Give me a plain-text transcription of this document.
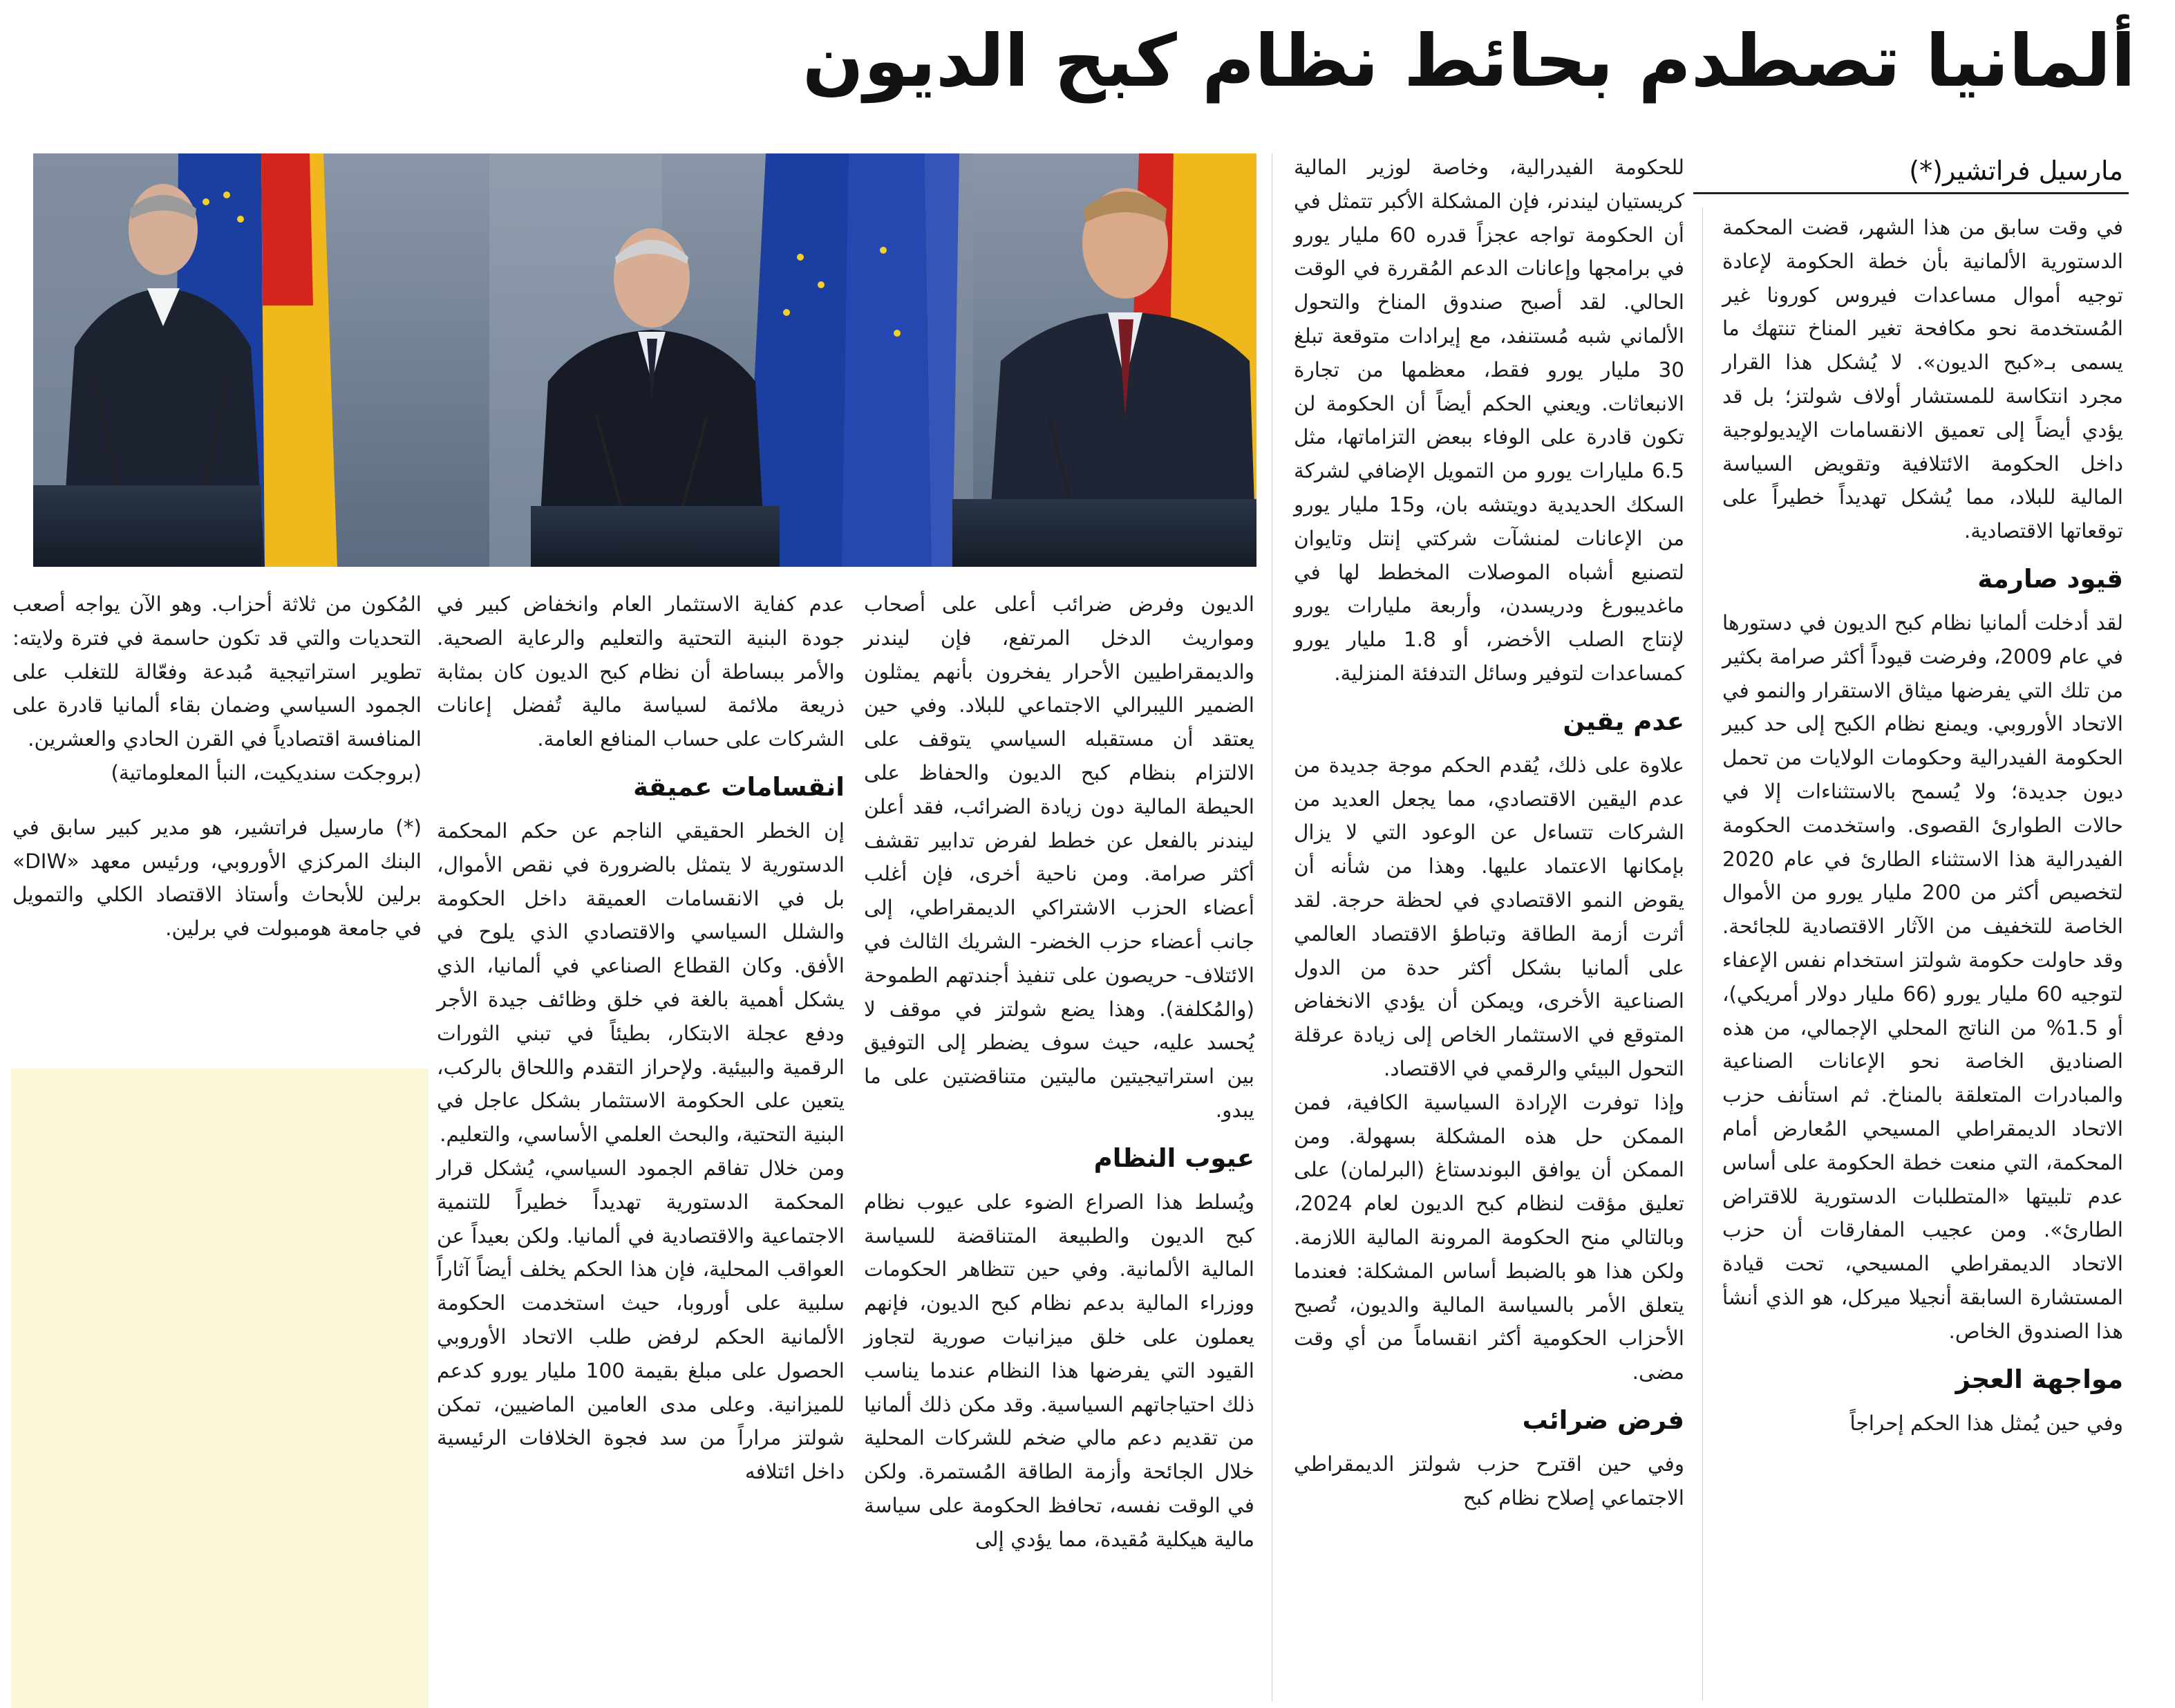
ألمانيا تصطدم بحائط نظام كبح الديون
مارسيل فراتشير(*)

في وقت سابق من هذا الشهر، قضت المحكمة الدستورية الألمانية بأن خطة الحكومة لإعادة توجيه أموال مساعدات فيروس كورونا غير المُستخدمة نحو مكافحة تغير المناخ تنتهك ما يسمى بـ«كبح الديون». لا يُشكل هذا القرار مجرد انتكاسة للمستشار أولاف شولتز؛ بل قد يؤدي أيضاً إلى تعميق الانقسامات الإيديولوجية داخل الحكومة الائتلافية وتقويض السياسة المالية للبلاد، مما يُشكل تهديداً خطيراً على توقعاتها الاقتصادية.

قيود صارمة

لقد أدخلت ألمانيا نظام كبح الديون في دستورها في عام 2009، وفرضت قيوداً أكثر صرامة بكثير من تلك التي يفرضها ميثاق الاستقرار والنمو في الاتحاد الأوروبي. ويمنع نظام الكبح إلى حد كبير الحكومة الفيدرالية وحكومات الولايات من تحمل ديون جديدة؛ ولا يُسمح بالاستثناءات إلا في حالات الطوارئ القصوى. واستخدمت الحكومة الفيدرالية هذا الاستثناء الطارئ في عام 2020 لتخصيص أكثر من 200 مليار يورو من الأموال الخاصة للتخفيف من الآثار الاقتصادية للجائحة. وقد حاولت حكومة شولتز استخدام نفس الإعفاء لتوجيه 60 مليار يورو (66 مليار دولار أمريكي)، أو 1.5% من الناتج المحلي الإجمالي، من هذه الصناديق الخاصة نحو الإعانات الصناعية والمبادرات المتعلقة بالمناخ. ثم استأنف حزب الاتحاد الديمقراطي المسيحي المُعارض أمام المحكمة، التي منعت خطة الحكومة على أساس عدم تلبيتها «المتطلبات الدستورية للاقتراض الطارئ». ومن عجيب المفارقات أن حزب الاتحاد الديمقراطي المسيحي، تحت قيادة المستشارة السابقة أنجيلا ميركل، هو الذي أنشأ هذا الصندوق الخاص.

مواجهة العجز

وفي حين يُمثل هذا الحكم إحراجاً

للحكومة الفيدرالية، وخاصة لوزير المالية كريستيان ليندنر، فإن المشكلة الأكبر تتمثل في أن الحكومة تواجه عجزاً قدره 60 مليار يورو في برامجها وإعانات الدعم المُقررة في الوقت الحالي. لقد أصبح صندوق المناخ والتحول الألماني شبه مُستنفد، مع إيرادات متوقعة تبلغ 30 مليار يورو فقط، معظمها من تجارة الانبعاثات. ويعني الحكم أيضاً أن الحكومة لن تكون قادرة على الوفاء ببعض التزاماتها، مثل 6.5 مليارات يورو من التمويل الإضافي لشركة السكك الحديدية دويتشه بان، و15 مليار يورو من الإعانات لمنشآت شركتي إنتل وتايوان لتصنيع أشباه الموصلات المخطط لها في ماغديبورغ ودريسدن، وأربعة مليارات يورو لإنتاج الصلب الأخضر، أو 1.8 مليار يورو كمساعدات لتوفير وسائل التدفئة المنزلية.

عدم يقين

علاوة على ذلك، يُقدم الحكم موجة جديدة من عدم اليقين الاقتصادي، مما يجعل العديد من الشركات تتساءل عن الوعود التي لا يزال بإمكانها الاعتماد عليها. وهذا من شأنه أن يقوض النمو الاقتصادي في لحظة حرجة. لقد أثرت أزمة الطاقة وتباطؤ الاقتصاد العالمي على ألمانيا بشكل أكثر حدة من الدول الصناعية الأخرى، ويمكن أن يؤدي الانخفاض المتوقع في الاستثمار الخاص إلى زيادة عرقلة التحول البيئي والرقمي في الاقتصاد.

وإذا توفرت الإرادة السياسية الكافية، فمن الممكن حل هذه المشكلة بسهولة. ومن الممكن أن يوافق البوندستاغ (البرلمان) على تعليق مؤقت لنظام كبح الديون لعام 2024، وبالتالي منح الحكومة المرونة المالية اللازمة. ولكن هذا هو بالضبط أساس المشكلة: فعندما يتعلق الأمر بالسياسة المالية والديون، تُصبح الأحزاب الحكومية أكثر انقساماً من أي وقت مضى.

فرض ضرائب

وفي حين اقترح حزب شولتز الديمقراطي الاجتماعي إصلاح نظام كبح

الديون وفرض ضرائب أعلى على أصحاب ومواريث الدخل المرتفع، فإن ليندنر والديمقراطيين الأحرار يفخرون بأنهم يمثلون الضمير الليبرالي الاجتماعي للبلاد. وفي حين يعتقد أن مستقبله السياسي يتوقف على الالتزام بنظام كبح الديون والحفاظ على الحيطة المالية دون زيادة الضرائب، فقد أعلن ليندنر بالفعل عن خطط لفرض تدابير تقشف أكثر صرامة. ومن ناحية أخرى، فإن أغلب أعضاء الحزب الاشتراكي الديمقراطي، إلى جانب أعضاء حزب الخضر- الشريك الثالث في الائتلاف- حريصون على تنفيذ أجندتهم الطموحة (والمُكلفة). وهذا يضع شولتز في موقف لا يُحسد عليه، حيث سوف يضطر إلى التوفيق بين استراتيجيتين ماليتين متناقضتين على ما يبدو.

عيوب النظام

ويُسلط هذا الصراع الضوء على عيوب نظام كبح الديون والطبيعة المتناقضة للسياسة المالية الألمانية. وفي حين تتظاهر الحكومات ووزراء المالية بدعم نظام كبح الديون، فإنهم يعملون على خلق ميزانيات صورية لتجاوز القيود التي يفرضها هذا النظام عندما يناسب ذلك احتياجاتهم السياسية. وقد مكن ذلك ألمانيا من تقديم دعم مالي ضخم للشركات المحلية خلال الجائحة وأزمة الطاقة المُستمرة. ولكن في الوقت نفسه، تحافظ الحكومة على سياسة مالية هيكلية مُقيدة، مما يؤدي إلى

عدم كفاية الاستثمار العام وانخفاض كبير في جودة البنية التحتية والتعليم والرعاية الصحية. والأمر ببساطة أن نظام كبح الديون كان بمثابة ذريعة ملائمة لسياسة مالية تُفضل إعانات الشركات على حساب المنافع العامة.

انقسامات عميقة

إن الخطر الحقيقي الناجم عن حكم المحكمة الدستورية لا يتمثل بالضرورة في نقص الأموال، بل في الانقسامات العميقة داخل الحكومة والشلل السياسي والاقتصادي الذي يلوح في الأفق. وكان القطاع الصناعي في ألمانيا، الذي يشكل أهمية بالغة في خلق وظائف جيدة الأجر ودفع عجلة الابتكار، بطيئاً في تبني الثورات الرقمية والبيئية. ولإحراز التقدم واللحاق بالركب، يتعين على الحكومة الاستثمار بشكل عاجل في البنية التحتية، والبحث العلمي الأساسي، والتعليم.

ومن خلال تفاقم الجمود السياسي، يُشكل قرار المحكمة الدستورية تهديداً خطيراً للتنمية الاجتماعية والاقتصادية في ألمانيا. ولكن بعيداً عن العواقب المحلية، فإن هذا الحكم يخلف أيضاً آثاراً سلبية على أوروبا، حيث استخدمت الحكومة الألمانية الحكم لرفض طلب الاتحاد الأوروبي الحصول على مبلغ بقيمة 100 مليار يورو كدعم للميزانية. وعلى مدى العامين الماضيين، تمكن شولتز مراراً من سد فجوة الخلافات الرئيسية داخل ائتلافه

المُكون من ثلاثة أحزاب. وهو الآن يواجه أصعب التحديات والتي قد تكون حاسمة في فترة ولايته: تطوير استراتيجية مُبدعة وفعّالة للتغلب على الجمود السياسي وضمان بقاء ألمانيا قادرة على المنافسة اقتصادياً في القرن الحادي والعشرين.

(بروجكت سنديكيت، النبأ المعلوماتية)

(*) مارسيل فراتشير، هو مدير كبير سابق في البنك المركزي الأوروبي، ورئيس معهد «DIW» برلين للأبحاث وأستاذ الاقتصاد الكلي والتمويل في جامعة هومبولت في برلين.
